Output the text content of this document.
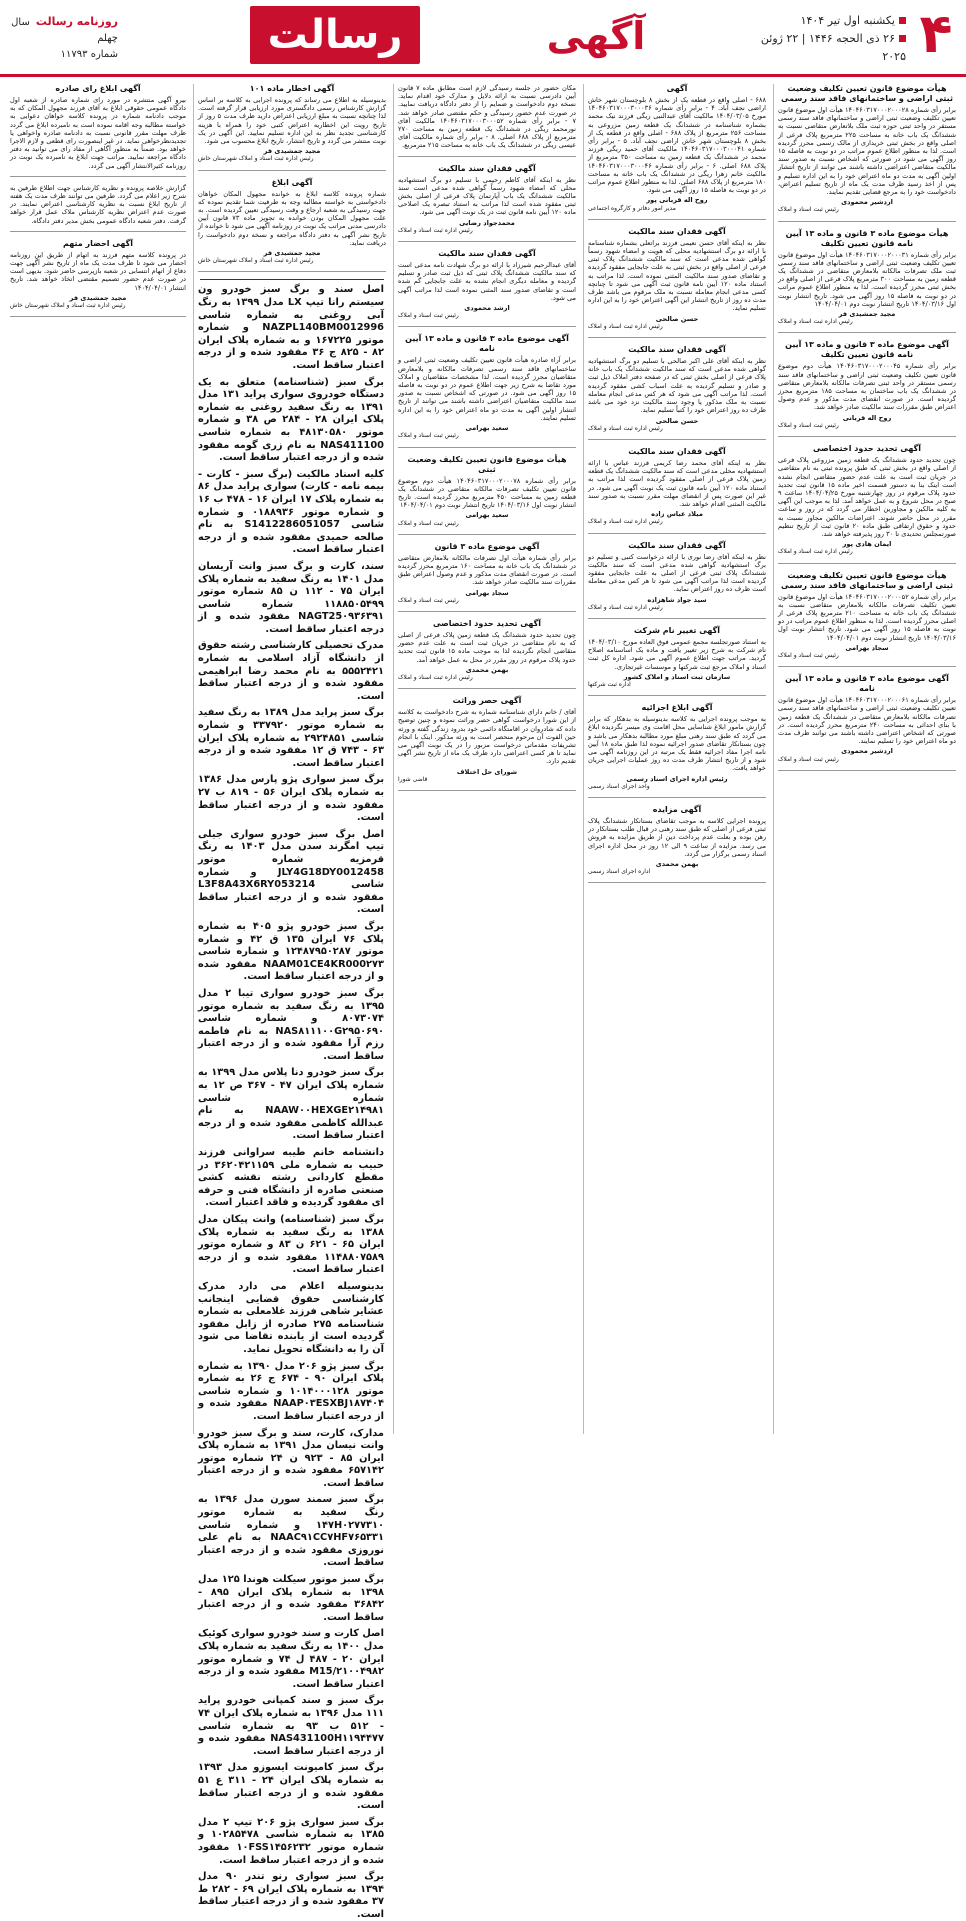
۴
یکشنبه اول تیر ۱۴۰۴
۲۶ ذی الحجه ۱۴۴۶ | ۲۲ ژوئن ۲۰۲۵
آگهی
رسالت
روزنامه رسالتسال چهلم
شماره ۱۱۷۹۳
هیأت موضوع قانون تعیین تکلیف وضعیت ثبتی اراضی و ساختمانهای فاقد سند رسمی
برابر رأی شماره ۱۴۰۴۶۰۳۱۷۰۰۰۲۰۰۰۲۸ هیأت اول موضوع قانون تعیین تکلیف وضعیت ثبتی اراضی و ساختمانهای فاقد سند رسمی مستقر در واحد ثبتی حوزه ثبت ملک بلاتعارض متقاضی نسبت به ششدانگ یک باب خانه به مساحت ۲۲۵ مترمربع پلاک فرعی از اصلی واقع در بخش ثبتی خریداری از مالک رسمی محرز گردیده است. لذا به منظور اطلاع عموم مراتب در دو نوبت به فاصله ۱۵ روز آگهی می شود در صورتی که اشخاص نسبت به صدور سند مالکیت متقاضی اعتراضی داشته باشند می توانند از تاریخ انتشار اولین آگهی به مدت دو ماه اعتراض خود را به این اداره تسلیم و پس از اخذ رسید ظرف مدت یک ماه از تاریخ تسلیم اعتراض، دادخواست خود را به مرجع قضایی تقدیم نمایند.
اردشیر محمودی
رئیس ثبت اسناد و املاک
هیأت موضوع ماده ۳ قانون و ماده ۱۳ آیین نامه قانون تعیین تکلیف
برابر رأی شماره ۱۴۰۴۶۰۳۱۷۰۰۰۲۰۰۰۳۱ هیأت اول موضوع قانون تعیین تکلیف وضعیت ثبتی اراضی و ساختمانهای فاقد سند رسمی ثبت ملک تصرفات مالکانه بلامعارض متقاضی در ششدانگ یک قطعه زمین به مساحت ۳۰۰ مترمربع پلاک فرعی از اصلی واقع در بخش ثبتی محرز گردیده است. لذا به منظور اطلاع عموم مراتب در دو نوبت به فاصله ۱۵ روز آگهی می شود. تاریخ انتشار نوبت اول ۱۴۰۴/۰۳/۱۶ تاریخ انتشار نوبت دوم ۱۴۰۴/۰۴/۰۱
مجید جمشیدی فر
رئیس اداره ثبت اسناد و املاک
آگهی موضوع ماده ۳ قانون و ماده ۱۳ آیین نامه قانون تعیین تکلیف
برابر رأی شماره ۱۴۰۴۶۰۳۱۷۰۰۰۲۰۰۰۴۵ هیأت دوم موضوع قانون تعیین تکلیف وضعیت ثبتی اراضی و ساختمانهای فاقد سند رسمی مستقر در واحد ثبتی تصرفات مالکانه بلامعارض متقاضی در ششدانگ یک باب ساختمان به مساحت ۱۸۵ مترمربع محرز گردیده است. در صورت انقضای مدت مذکور و عدم وصول اعتراض طبق مقررات سند مالکیت صادر خواهد شد.
روح اله قربانی
رئیس ثبت اسناد و املاک
آگهی تحدید حدود اختصاصی
چون تحدید حدود ششدانگ یک قطعه زمین مزروعی پلاک فرعی از اصلی واقع در بخش ثبتی که طبق پرونده ثبتی به نام متقاضی در جریان ثبت است به علت عدم حضور متقاضی انجام نشده است اینک بنا به دستور قسمت اخیر ماده ۱۵ قانون ثبت تحدید حدود پلاک مرقوم در روز چهارشنبه مورخ ۱۴۰۴/۰۴/۲۵ ساعت ۹ صبح در محل شروع و به عمل خواهد آمد. لذا به موجب این آگهی به کلیه مالکین و مجاورین اخطار می گردد که در روز و ساعت مقرر در محل حاضر شوند. اعتراضات مالکین مجاور نسبت به حدود و حقوق ارتفاقی طبق ماده ۲۰ قانون ثبت از تاریخ تنظیم صورتمجلس تحدیدی تا ۳۰ روز پذیرفته خواهد شد.
ایمان هادی پور
رئیس اداره ثبت اسناد و املاک
هیأت موضوع قانون تعیین تکلیف وضعیت ثبتی اراضی و ساختمانهای فاقد سند رسمی
برابر رأی شماره ۱۴۰۴۶۰۳۱۷۰۰۰۲۰۰۰۵۲ هیأت اول موضوع قانون تعیین تکلیف تصرفات مالکانه بلامعارض متقاضی نسبت به ششدانگ یک باب خانه به مساحت ۲۱۰ مترمربع پلاک فرعی از اصلی محرز گردیده است. لذا به منظور اطلاع عموم مراتب در دو نوبت به فاصله ۱۵ روز آگهی می شود. تاریخ انتشار نوبت اول ۱۴۰۴/۰۳/۱۶ تاریخ انتشار نوبت دوم ۱۴۰۴/۰۴/۰۱
سجاد بهرامی
رئیس ثبت اسناد و املاک
آگهی موضوع ماده ۳ قانون و ماده ۱۳ آیین نامه
برابر رأی شماره ۱۴۰۴۶۰۳۱۷۰۰۰۲۰۰۰۶۱ هیأت اول موضوع قانون تعیین تکلیف وضعیت ثبتی اراضی و ساختمانهای فاقد سند رسمی تصرفات مالکانه بلامعارض متقاضی در ششدانگ یک قطعه زمین با بنای احداثی به مساحت ۲۴۰ مترمربع محرز گردیده است. در صورتی که اشخاص اعتراضی داشته باشند می توانند ظرف مدت دو ماه اعتراض خود را تسلیم نمایند.
اردشیر محمودی
رئیس ثبت اسناد و املاک
آگهی
۶۸۸ - اصلی واقع در قطعه یک از بخش ۸ بلوچستان شهر خاش اراضی نجف آباد. ۴ - برابر رأی شماره ۱۴۰۴۶۰۳۱۷۰۰۰۳۰۰۰۳۶ مورخ ۱۴۰۴/۰۳/۰۵ مالکیت آقای عبدالنبی ریگی فرزند نیک محمد بشماره شناسنامه در ششدانگ یک قطعه زمین مزروعی به مساحت ۲۵۶ مترمربع از پلاک ۶۸۸ - اصلی واقع در قطعه یک از بخش ۸ بلوچستان شهر خاش اراضی نجف آباد. ۵ - برابر رأی شماره ۱۴۰۴۶۰۳۱۷۰۰۰۳۰۰۰۴۱ مالکیت آقای حمید ریگی فرزند محمد در ششدانگ یک قطعه زمین به مساحت ۳۵۰ مترمربع از پلاک ۶۸۸ اصلی. ۶ - برابر رأی شماره ۱۴۰۴۶۰۳۱۷۰۰۰۳۰۰۰۴۶ مالکیت خانم زهرا ریگی در ششدانگ یک باب خانه به مساحت ۱۸۰ مترمربع از پلاک ۶۸۸ اصلی. لذا به منظور اطلاع عموم مراتب در دو نوبت به فاصله ۱۵ روز آگهی می شود.
روح اله قربانی پور
مدیر امور دفاتر و کارگروه اجتماعی
آگهی فقدان سند مالکیت
نظر به اینکه آقای حسن نعیمی فرزند براتعلی بشماره شناسنامه با ارائه دو برگ استشهادیه محلی که هویت و امضاء شهود رسماً گواهی شده مدعی است که سند مالکیت ششدانگ پلاک ثبتی فرعی از اصلی واقع در بخش ثبتی به علت جابجایی مفقود گردیده و تقاضای صدور سند مالکیت المثنی نموده است. لذا مراتب به استناد ماده ۱۲۰ آیین نامه قانون ثبت آگهی می شود تا چنانچه کسی مدعی انجام معامله نسبت به ملک مرقوم می باشد ظرف مدت ده روز از تاریخ انتشار این آگهی اعتراض خود را به این اداره تسلیم نماید.
حسن صالحی
رئیس اداره ثبت اسناد و املاک
آگهی فقدان سند مالکیت
نظر به اینکه آقای علی اکبر صالحی با تسلیم دو برگ استشهادیه گواهی شده مدعی است که سند مالکیت ششدانگ یک باب خانه پلاک فرعی از اصلی بخش ثبتی که در صفحه دفتر املاک ذیل ثبت و صادر و تسلیم گردیده به علت اسباب کشی مفقود گردیده است. لذا مراتب آگهی می شود که هر کس مدعی انجام معامله نسبت به ملک مذکور یا وجود سند مالکیت نزد خود می باشد ظرف ده روز اعتراض خود را کتباً تسلیم نماید.
حسن صالحی
رئیس اداره ثبت اسناد و املاک
آگهی فقدان سند مالکیت
نظر به اینکه آقای محمد رضا کریمی فرزند عباس با ارائه استشهادیه محلی مدعی است که سند مالکیت ششدانگ یک قطعه زمین پلاک فرعی از اصلی مفقود گردیده است لذا مراتب به استناد ماده ۱۲۰ آیین نامه قانون ثبت یک نوبت آگهی می شود. در غیر این صورت پس از انقضای مهلت مقرر نسبت به صدور سند مالکیت المثنی اقدام خواهد شد.
میلاد عباس زاده
رئیس اداره ثبت اسناد و املاک
آگهی فقدان سند مالکیت
نظر به اینکه آقای رضا نوری با ارائه درخواست کتبی و تسلیم دو برگ استشهادیه گواهی شده مدعی است که سند مالکیت ششدانگ پلاک ثبتی فرعی از اصلی به علت جابجایی مفقود گردیده است لذا مراتب آگهی می شود تا هر کس مدعی معامله است ظرف ده روز اعتراض نماید.
سید جواد شاهزاده
رئیس اداره ثبت اسناد و املاک
آگهی تغییر نام شرکت
به استناد صورتجلسه مجمع عمومی فوق العاده مورخ ۱۴۰۴/۰۳/۱۰ نام شرکت به شرح زیر تغییر یافت و ماده یک اساسنامه اصلاح گردید. مراتب جهت اطلاع عموم آگهی می شود. اداره کل ثبت اسناد و املاک مرجع ثبت شرکتها و موسسات غیرتجاری.
سازمان ثبت اسناد و املاک کشور
اداره ثبت شرکتها
آگهی ابلاغ اجرائیه
به موجب پرونده اجرایی به کلاسه بدینوسیله به بدهکار که برابر گزارش مامور ابلاغ شناسایی محل اقامت وی میسر نگردیده ابلاغ می گردد که طبق سند رهنی مبلغ مورد مطالبه بدهکار می باشد و چون بستانکار تقاضای صدور اجرائیه نموده لذا طبق ماده ۱۸ آیین نامه اجرا مفاد اجرائیه فقط یک مرتبه در این روزنامه آگهی می شود و از تاریخ انتشار ظرف مدت ده روز عملیات اجرایی جریان خواهد یافت.
رئیس اداره اجرای اسناد رسمی
واحد اجرای اسناد رسمی
آگهی مزایده
پرونده اجرایی کلاسه به موجب تقاضای بستانکار ششدانگ پلاک ثبتی فرعی از اصلی که طبق سند رهنی در قبال طلب بستانکار در رهن بوده و بعلت عدم پرداخت دین از طریق مزایده به فروش می رسد. مزایده از ساعت ۹ الی ۱۲ روز در محل اداره اجرای اسناد رسمی برگزار می گردد.
بهمن محمدی
اداره اجرای اسناد رسمی
مکان حضور در جلسه رسیدگی لازم است مطابق ماده ۷ قانون آیین دادرسی نسبت به ارائه دلایل و مدارک خود اقدام نماید. نسخه دوم دادخواست و ضمایم را از دفتر دادگاه دریافت نمایید. در صورت عدم حضور رسیدگی و حکم مقتضی صادر خواهد شد. ۷ - برابر رأی شماره ۱۴۰۴۶۰۳۱۷۰۰۰۳۰۰۰۵۲ مالکیت آقای نورمحمد ریگی در ششدانگ یک قطعه زمین به مساحت ۲۷۰ مترمربع از پلاک ۶۸۸ اصلی. ۸ - برابر رأی شماره مالکیت آقای عیسی ریگی در ششدانگ یک باب خانه به مساحت ۲۱۵ مترمربع.
آگهی فقدان سند مالکیت
نظر به اینکه آقای کاظم رحیمی با تسلیم دو برگ استشهادیه محلی که امضاء شهود رسماً گواهی شده مدعی است سند مالکیت ششدانگ یک باب آپارتمان پلاک فرعی از اصلی بخش ثبتی مفقود شده است لذا مراتب به استناد تبصره یک اصلاحی ماده ۱۲۰ آیین نامه قانون ثبت در یک نوبت آگهی می شود.
محمدجواد رضایی
رئیس اداره ثبت اسناد و املاک
آگهی فقدان سند مالکیت
آقای عبدالرحیم شیرزاد با ارائه دو برگ شهادت نامه مدعی است که سند مالکیت ششدانگ پلاک ثبتی که ذیل ثبت صادر و تسلیم گردیده و معامله دیگری انجام نشده به علت جابجایی گم شده است و تقاضای صدور سند المثنی نموده است لذا مراتب آگهی می شود.
ارشد محمودی
رئیس ثبت اسناد و املاک
آگهی موضوع ماده ۳ قانون و ماده ۱۳ آیین نامه
برابر آراء صادره هیأت قانون تعیین تکلیف وضعیت ثبتی اراضی و ساختمانهای فاقد سند رسمی تصرفات مالکانه و بلامعارض متقاضیان محرز گردیده است. لذا مشخصات متقاضیان و املاک مورد تقاضا به شرح زیر جهت اطلاع عموم در دو نوبت به فاصله ۱۵ روز آگهی می شود. در صورتی که اشخاص نسبت به صدور سند مالکیت متقاضیان اعتراضی داشته باشند می توانند از تاریخ انتشار اولین آگهی به مدت دو ماه اعتراض خود را به این اداره تسلیم نمایند.
سعید بهرامی
رئیس ثبت اسناد و املاک
هیأت موضوع قانون تعیین تکلیف وضعیت ثبتی
برابر رأی شماره ۱۴۰۴۶۰۳۱۷۰۰۰۲۰۰۰۷۸ هیأت دوم موضوع قانون تعیین تکلیف تصرفات مالکانه متقاضی در ششدانگ یک قطعه زمین به مساحت ۴۵۰ مترمربع محرز گردیده است. تاریخ انتشار نوبت اول ۱۴۰۴/۰۳/۱۶ تاریخ انتشار نوبت دوم ۱۴۰۴/۰۴/۰۱
سعید بهرامی
رئیس ثبت اسناد و املاک
آگهی موضوع ماده ۳ قانون
برابر رأی شماره هیأت اول تصرفات مالکانه بلامعارض متقاضی در ششدانگ یک باب خانه به مساحت ۱۶۰ مترمربع محرز گردیده است. در صورت انقضای مدت مذکور و عدم وصول اعتراض طبق مقررات سند مالکیت صادر خواهد شد.
سجاد بهرامی
رئیس ثبت اسناد و املاک
آگهی تحدید حدود اختصاصی
چون تحدید حدود ششدانگ یک قطعه زمین پلاک فرعی از اصلی که به نام متقاضی در جریان ثبت است به علت عدم حضور متقاضی انجام نگردیده لذا به موجب ماده ۱۵ قانون ثبت تحدید حدود پلاک مرقوم در روز مقرر در محل به عمل خواهد آمد.
بهمن محمدی
رئیس اداره ثبت اسناد و املاک
آگهی حصر وراثت
آقای / خانم دارای شناسنامه شماره به شرح دادخواست به کلاسه از این شورا درخواست گواهی حصر وراثت نموده و چنین توضیح داده که شادروان در اقامتگاه دائمی خود بدرود زندگی گفته و ورثه حین الفوت آن مرحوم منحصر است به ورثه مذکور. اینک با انجام تشریفات مقدماتی درخواست مزبور را در یک نوبت آگهی می نماید تا هر کسی اعتراضی دارد ظرف یک ماه از تاریخ نشر آگهی تقدیم دارد.
شورای حل اختلاف
قاضی شورا
آگهی اخطار ماده ۱۰۱
بدینوسیله به اطلاع می رساند که پرونده اجرایی به کلاسه بر اساس گزارش کارشناس رسمی دادگستری مورد ارزیابی قرار گرفته است. لذا چنانچه نسبت به مبلغ ارزیابی اعتراض دارید ظرف مدت ۵ روز از تاریخ رویت این اخطاریه اعتراض کتبی خود را همراه با هزینه کارشناسی تجدید نظر به این اداره تسلیم نمایید. این آگهی در یک نوبت منتشر می گردد و تاریخ انتشار، تاریخ ابلاغ محسوب می شود.
مجید جمشیدی فر
رئیس اداره ثبت اسناد و املاک شهرستان خاش
آگهی ابلاغ
شماره پرونده کلاسه ابلاغ به خوانده مجهول المکان خواهان دادخواستی به خواسته مطالبه وجه به طرفیت شما تقدیم نموده که جهت رسیدگی به شعبه ارجاع و وقت رسیدگی تعیین گردیده است. به علت مجهول المکان بودن خوانده به تجویز ماده ۷۳ قانون آیین دادرسی مدنی مراتب یک نوبت در روزنامه آگهی می شود تا خوانده از تاریخ نشر آگهی به دفتر دادگاه مراجعه و نسخه دوم دادخواست را دریافت نماید.
مجید جمشیدی فر
رئیس اداره ثبت اسناد و املاک شهرستان خاش
اصل سند و برگ سبز خودرو ون سیستم رانا تیپ LX مدل ۱۳۹۹ به رنگ آبی روغنی به شماره شاسی NAZPL140BM0012996 و شماره موتور ۱۶۷۲۲۵ و به شماره پلاک ایران ۸۲ - ۸۲۵ ج ۳۶ مفقود شده و از درجه اعتبار ساقط است.
برگ سبز (شناسنامه) متعلق به یک دستگاه خودروی سواری پراید ۱۳۱ مدل ۱۳۹۱ به رنگ سفید روغنی به شماره پلاک ایران ۲۸ - ۲۸۴ ص ۳۸ و شماره موتور ۴۸۱۳۰۵۸۰ به شماره شاسی NAS411100 به نام زری گومه مفقود شده و از درجه اعتبار ساقط است.
کلیه اسناد مالکیت (برگ سبز - کارت - بیمه نامه - کارت) سواری پراید مدل ۸۶ به شماره پلاک ۱۷ ایران ۱۶ - ۴۷۸ ب ۱۶ و شماره موتور ۰۱۸۸۹۳۶ و شماره شاسی S1412286051057 به نام صالحه حمیدی مفقود شده و از درجه اعتبار ساقط است.
سند، کارت و برگ سبز وانت آریسان مدل ۱۴۰۱ به رنگ سفید به شماره پلاک ایران ۷۵ - ۱۱۲ ن ۸۵ شماره موتور ۱۱۸۸۵۰۵۴۹۹ شماره شاسی NAGT25۰۹۳۶۳۹۱ مفقود شده و از درجه اعتبار ساقط است.
مدرک تحصیلی کارشناسی رشته حقوق از دانشگاه آزاد اسلامی به شماره ۵۵۵۲۴۲۱ به نام محمد رضا ابراهیمی مفقود شده و از درجه اعتبار ساقط است.
برگ سبز پراید مدل ۱۳۸۹ به رنگ سفید به شماره موتور ۳۳۷۹۲۰ و شماره شاسی ۲۹۲۴۸۵۱ به شماره پلاک ایران ۶۳ - ۷۴۳ ق ۱۲ مفقود شده و از درجه اعتبار ساقط است.
برگ سبز سواری پژو پارس مدل ۱۳۸۶ به شماره پلاک ایران ۵۶ - ۸۱۹ ب ۲۷ مفقود شده و از درجه اعتبار ساقط است.
اصل برگ سبز خودرو سواری جیلی تیپ امگرند سدن مدل ۱۴۰۳ به رنگ قرمزیه شماره موتور JLY4G18DY0012458 و شماره شاسی L3F8A43X6RY053214 مفقود شده و از درجه اعتبار ساقط است.
برگ سبز خودرو پژو ۴۰۵ به شماره پلاک ۷۶ ایران ۱۳۵ ق ۴۲ و شماره موتور ۱۲۴۸۷۹۵۰۲۸۷ و شماره شاسی NAAM01CE4KR000۲۷۳ مفقود شده و از درجه اعتبار ساقط است.
برگ سبز خودرو سواری تیبا ۲ مدل ۱۳۹۵ به رنگ سفید به شماره موتور ۸۰۷۳۰۷۴ و شماره شاسی NAS۸۱۱۱۰۰G۲۹۵۰۶۹۰ به نام فاطمه رزم آرا مفقود شده و از درجه اعتبار ساقط است.
برگ سبز خودرو دنا پلاس مدل ۱۳۹۹ به شماره پلاک ایران ۴۷ - ۳۶۷ ص ۱۲ به شماره شاسی NAAW۰۰HEXGE۲۱۴۹۸۱ به نام عبدالله کاظمی مفقود شده و از درجه اعتبار ساقط است.
دانشنامه خانم طیبه سراوانی فرزند حبیب به شماره ملی ۳۶۲۰۴۲۱۱۵۹ در مقطع کاردانی رشته نقشه کشی صنعتی صادره از دانشگاه فنی و حرفه ای مفقود گردیده و فاقد اعتبار است.
برگ سبز (شناسنامه) وانت پیکان مدل ۱۳۸۸ به رنگ سفید به شماره پلاک ایران ۶۵ - ۶۲۱ ن ۸۳ و شماره موتور ۱۱۴۸۸۰۷۵۸۹ مفقود شده و از درجه اعتبار ساقط است.
بدینوسیله اعلام می دارد مدرک کارشناسی حقوق قضایی اینجانب عشایر شاهی فرزند غلامعلی به شماره شناسنامه ۲۷۵ صادره از زابل مفقود گردیده است از یابنده تقاضا می شود آن را به دانشگاه تحویل نماید.
برگ سبز پژو ۲۰۶ مدل ۱۳۹۰ به شماره پلاک ایران ۹۰ - ۶۷۴ ج ۲۶ به شماره موتور ۱۰۱۴۰۰۰۱۲۸ و شماره شاسی NAAP۰۳ESXBJ۱۸۷۴۰۴ مفقود شده و از درجه اعتبار ساقط است.
مدارک، کارت، سند و برگ سبز خودرو وانت نیسان مدل ۱۳۹۱ به شماره پلاک ایران ۸۵ - ۹۲۳ ن ۲۴ شماره موتور ۶۵۷۱۴۲ مفقود شده و از درجه اعتبار ساقط است.
برگ سبز سمند سورن مدل ۱۳۹۶ به رنگ سفید به شماره موتور ۱۴۷H۰۲۷۷۳۱۰ و شماره شاسی NAAC۹۱CC۷HF۷۶۵۳۳۱ به نام علی نوروزی مفقود شده و از درجه اعتبار ساقط است.
برگ سبز موتور سیکلت هوندا ۱۲۵ مدل ۱۳۹۸ به شماره پلاک ایران ۸۹۵ - ۳۶۸۴۲ مفقود شده و از درجه اعتبار ساقط است.
اصل کارت و سند خودرو سواری کوئیک مدل ۱۴۰۰ به رنگ سفید به شماره پلاک ایران ۲۰ - ۴۸۷ ل ۷۴ و شماره موتور M15/۲۱۰۰۴۹۸۲ مفقود شده و از درجه اعتبار ساقط است.
برگ سبز و سند کمپانی خودرو پراید ۱۱۱ مدل ۱۳۹۶ به شماره پلاک ایران ۷۴ - ۵۱۲ ب ۹۳ به شماره شاسی NAS431100H۱۱۹۴۴۷۷ مفقود شده و از درجه اعتبار ساقط است.
برگ سبز کامیونت ایسوزو مدل ۱۳۹۳ به شماره پلاک ایران ۲۴ - ۳۱۱ ع ۵۱ مفقود شده و از درجه اعتبار ساقط است.
برگ سبز سواری پژو ۲۰۶ تیپ ۲ مدل ۱۳۸۵ به شماره شاسی ۱۰۲۸۵۴۷۸ و شماره موتور ۱۰FSS۱۴۵۶۲۳۲ مفقود شده و از درجه اعتبار ساقط است.
برگ سبز سواری رنو تندر ۹۰ مدل ۱۳۹۴ به شماره پلاک ایران ۶۹ - ۲۸۲ ط ۳۷ مفقود شده و از درجه اعتبار ساقط است.
آگهی ابلاغ رای صادره
بیرو آگهی منتشره در مورد رای شماره صادره از شعبه اول دادگاه عمومی حقوقی ابلاغ به آقای فرزند مجهول المکان که به موجب دادنامه شماره در پرونده کلاسه خواهان دعوایی به خواسته مطالبه وجه اقامه نموده است به نامبرده ابلاغ می گردد ظرف مهلت مقرر قانونی نسبت به دادنامه صادره واخواهی یا تجدیدنظرخواهی نماید. در غیر اینصورت رای قطعی و لازم الاجرا خواهد بود. ضمناً به منظور آگاهی از مفاد رای می توانید به دفتر دادگاه مراجعه نمایید. مراتب جهت ابلاغ به نامبرده یک نوبت در روزنامه کثیرالانتشار آگهی می گردد.
گزارش خلاصه پرونده و نظریه کارشناس جهت اطلاع طرفین به شرح زیر اعلام می گردد. طرفین می توانند ظرف مدت یک هفته از تاریخ ابلاغ نسبت به نظریه کارشناسی اعتراض نمایند. در صورت عدم اعتراض نظریه کارشناس ملاک عمل قرار خواهد گرفت. دفتر شعبه دادگاه عمومی بخش مدیر دفتر دادگاه.
آگهی احضار متهم
در پرونده کلاسه متهم فرزند به اتهام از طریق این روزنامه احضار می شود تا ظرف مدت یک ماه از تاریخ نشر آگهی جهت دفاع از اتهام انتسابی در شعبه بازپرسی حاضر شود. بدیهی است در صورت عدم حضور تصمیم مقتضی اتخاذ خواهد شد. تاریخ انتشار ۱۴۰۴/۰۴/۰۱
مجید جمشیدی فر
رئیس اداره ثبت اسناد و املاک شهرستان خاش
